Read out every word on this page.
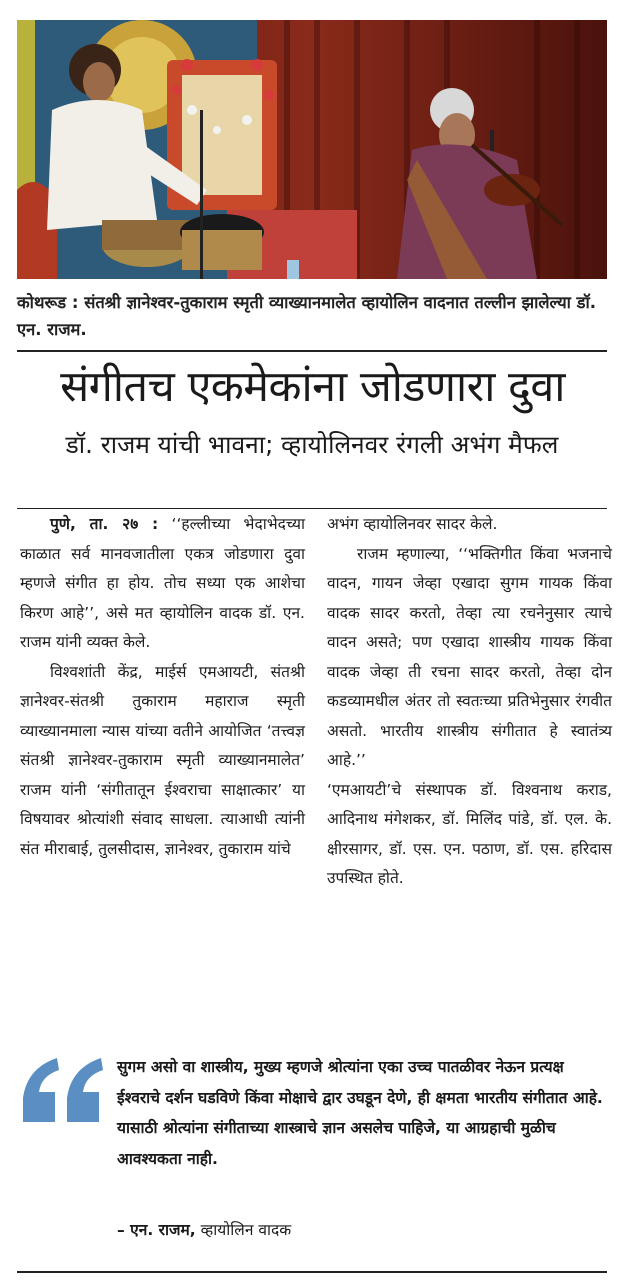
कोथरूड : संतश्री ज्ञानेश्वर-तुकाराम स्मृती व्याख्यानमालेत व्हायोलिन वादनात तल्लीन झालेल्या डॉ. एन. राजम.
संगीतच एकमेकांना जोडणारा दुवा
डॉ. राजम यांची भावना; व्हायोलिनवर रंगली अभंग मैफल

पुणे, ता. २७ : ‘‘हल्लीच्या भेदाभेदच्या काळात सर्व मानवजातीला एकत्र जोडणारा दुवा म्हणजे संगीत हा होय. तोच सध्या एक आशेचा किरण आहे’’, असे मत व्हायोलिन वादक डॉ. एन. राजम यांनी व्यक्त केले.

विश्वशांती केंद्र, माईर्स एमआयटी, संतश्री ज्ञानेश्वर-संतश्री तुकाराम महाराज स्मृती व्याख्यानमाला न्यास यांच्या वतीने आयोजित ‘तत्त्वज्ञ संतश्री ज्ञानेश्वर-तुकाराम स्मृती व्याख्यानमालेत’ राजम यांनी ‘संगीतातून ईश्वराचा साक्षात्कार’ या विषयावर श्रोत्यांशी संवाद साधला. त्याआधी त्यांनी संत मीराबाई, तुलसीदास, ज्ञानेश्वर, तुकाराम यांचे

अभंग व्हायोलिनवर सादर केले.

राजम म्हणाल्या, ‘‘भक्तिगीत किंवा भजनाचे वादन, गायन जेव्हा एखादा सुगम गायक किंवा वादक सादर करतो, तेव्हा त्या रचनेनुसार त्याचे वादन असते; पण एखादा शास्त्रीय गायक किंवा वादक जेव्हा ती रचना सादर करतो, तेव्हा दोन कडव्यामधील अंतर तो स्वतःच्या प्रतिभेनुसार रंगवीत असतो. भारतीय शास्त्रीय संगीतात हे स्वातंत्र्य आहे.’’

‘एमआयटी’चे संस्थापक डॉ. विश्वनाथ कराड, आदिनाथ मंगेशकर, डॉ. मिलिंद पांडे, डॉ. एल. के. क्षीरसागर, डॉ. एस. एन. पठाण, डॉ. एस. हरिदास उपस्थित होते.

सुगम असो वा शास्त्रीय, मुख्य म्हणजे श्रोत्यांना एका उच्च पातळीवर नेऊन प्रत्यक्ष ईश्वराचे दर्शन घडविणे किंवा मोक्षाचे द्वार उघडून देणे, ही क्षमता भारतीय संगीतात आहे. यासाठी श्रोत्यांना संगीताच्या शास्त्राचे ज्ञान असलेच पाहिजे, या आग्रहाची मुळीच आवश्यकता नाही.

– एन. राजम, व्हायोलिन वादक
